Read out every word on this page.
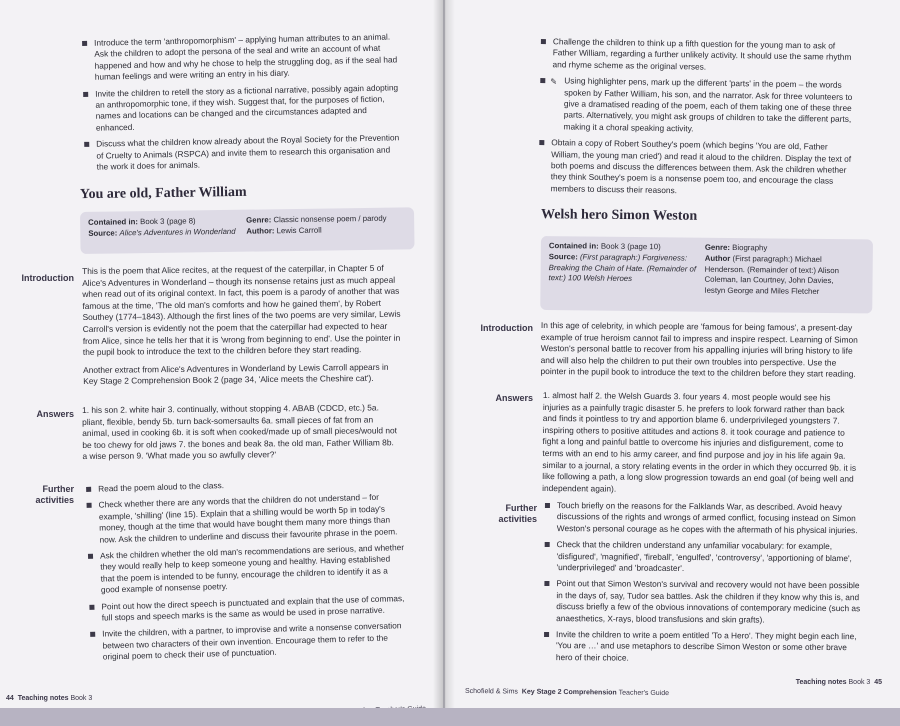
Introduce the term 'anthropomorphism' – applying human attributes to an animal. Ask the children to adopt the persona of the seal and write an account of what happened and how and why he chose to help the struggling dog, as if the seal had human feelings and were writing an entry in his diary.
Invite the children to retell the story as a fictional narrative, possibly again adopting an anthropomorphic tone, if they wish. Suggest that, for the purposes of fiction, names and locations can be changed and the circumstances adapted and enhanced.
Discuss what the children know already about the Royal Society for the Prevention of Cruelty to Animals (RSPCA) and invite them to research this organisation and the work it does for animals.
You are old, Father William
Contained in: Book 3 (page 8)
Source: Alice's Adventures in Wonderland
Genre: Classic nonsense poem / parody
Author: Lewis Carroll
Introduction

This is the poem that Alice recites, at the request of the caterpillar, in Chapter 5 of Alice's Adventures in Wonderland – though its nonsense retains just as much appeal when read out of its original context. In fact, this poem is a parody of another that was famous at the time, 'The old man's comforts and how he gained them', by Robert Southey (1774–1843). Although the first lines of the two poems are very similar, Lewis Carroll's version is evidently not the poem that the caterpillar had expected to hear from Alice, since he tells her that it is 'wrong from beginning to end'. Use the pointer in the pupil book to introduce the text to the children before they start reading.

Another extract from Alice's Adventures in Wonderland by Lewis Carroll appears in Key Stage 2 Comprehension Book 2 (page 34, 'Alice meets the Cheshire cat').

Answers 1. his son 2. white hair 3. continually, without stopping 4. ABAB (CDCD, etc.) 5a. pliant, flexible, bendy 5b. turn back-somersaults 6a. small pieces of fat from an animal, used in cooking 6b. it is soft when cooked/made up of small pieces/would not be too chewy for old jaws 7. the bones and beak 8a. the old man, Father William 8b. a wise person 9. 'What made you so awfully clever?'

Further
activities
Read the poem aloud to the class.
Check whether there are any words that the children do not understand – for example, 'shilling' (line 15). Explain that a shilling would be worth 5p in today's money, though at the time that would have bought them many more things than now. Ask the children to underline and discuss their favourite phrase in the poem.
Ask the children whether the old man's recommendations are serious, and whether they would really help to keep someone young and healthy. Having established that the poem is intended to be funny, encourage the children to identify it as a good example of nonsense poetry.
Point out how the direct speech is punctuated and explain that the use of commas, full stops and speech marks is the same as would be used in prose narrative.
Invite the children, with a partner, to improvise and write a nonsense conversation between two characters of their own invention. Encourage them to refer to the original poem to check their use of punctuation.
44 Teaching notes Book 3

Challenge the children to think up a fifth question for the young man to ask of Father William, regarding a further unlikely activity. It should use the same rhythm and rhyme scheme as the original verses.
✎ Using highlighter pens, mark up the different 'parts' in the poem – the words spoken by Father William, his son, and the narrator. Ask for three volunteers to give a dramatised reading of the poem, each of them taking one of these three parts. Alternatively, you might ask groups of children to take the different parts, making it a choral speaking activity.
Obtain a copy of Robert Southey's poem (which begins 'You are old, Father William, the young man cried') and read it aloud to the children. Display the text of both poems and discuss the differences between them. Ask the children whether they think Southey's poem is a nonsense poem too, and encourage the class members to discuss their reasons.
Welsh hero Simon Weston
Contained in: Book 3 (page 10)
Source: (First paragraph:) Forgiveness: Breaking the Chain of Hate. (Remainder of text:) 100 Welsh Heroes
Genre: Biography
Author (First paragraph:) Michael Henderson. (Remainder of text:) Alison Coleman, Ian Courtney, John Davies, Iestyn George and Miles Fletcher
Introduction In this age of celebrity, in which people are 'famous for being famous', a present-day example of true heroism cannot fail to impress and inspire respect. Learning of Simon Weston's personal battle to recover from his appalling injuries will bring history to life and will also help the children to put their own troubles into perspective. Use the pointer in the pupil book to introduce the text to the children before they start reading.

Answers 1. almost half 2. the Welsh Guards 3. four years 4. most people would see his injuries as a painfully tragic disaster 5. he prefers to look forward rather than back and finds it pointless to try and apportion blame 6. underprivileged youngsters 7. inspiring others to positive attitudes and actions 8. it took courage and patience to fight a long and painful battle to overcome his injuries and disfigurement, come to terms with an end to his army career, and find purpose and joy in his life again 9a. similar to a journal, a story relating events in the order in which they occurred 9b. it is like following a path, a long slow progression towards an end goal (of being well and independent again).

Further
activities
Touch briefly on the reasons for the Falklands War, as described. Avoid heavy discussions of the rights and wrongs of armed conflict, focusing instead on Simon Weston's personal courage as he copes with the aftermath of his physical injuries.
Check that the children understand any unfamiliar vocabulary: for example, 'disfigured', 'magnified', 'fireball', 'engulfed', 'controversy', 'apportioning of blame', 'underprivileged' and 'broadcaster'.
Point out that Simon Weston's survival and recovery would not have been possible in the days of, say, Tudor sea battles. Ask the children if they know why this is, and discuss briefly a few of the obvious innovations of contemporary medicine (such as anaesthetics, X-rays, blood transfusions and skin grafts).
Invite the children to write a poem entitled 'To a Hero'. They might begin each line, 'You are …' and use metaphors to describe Simon Weston or some other brave hero of their choice.
Schofield & Sims Key Stage 2 Comprehension Teacher's Guide
Teaching notes Book 3 45
